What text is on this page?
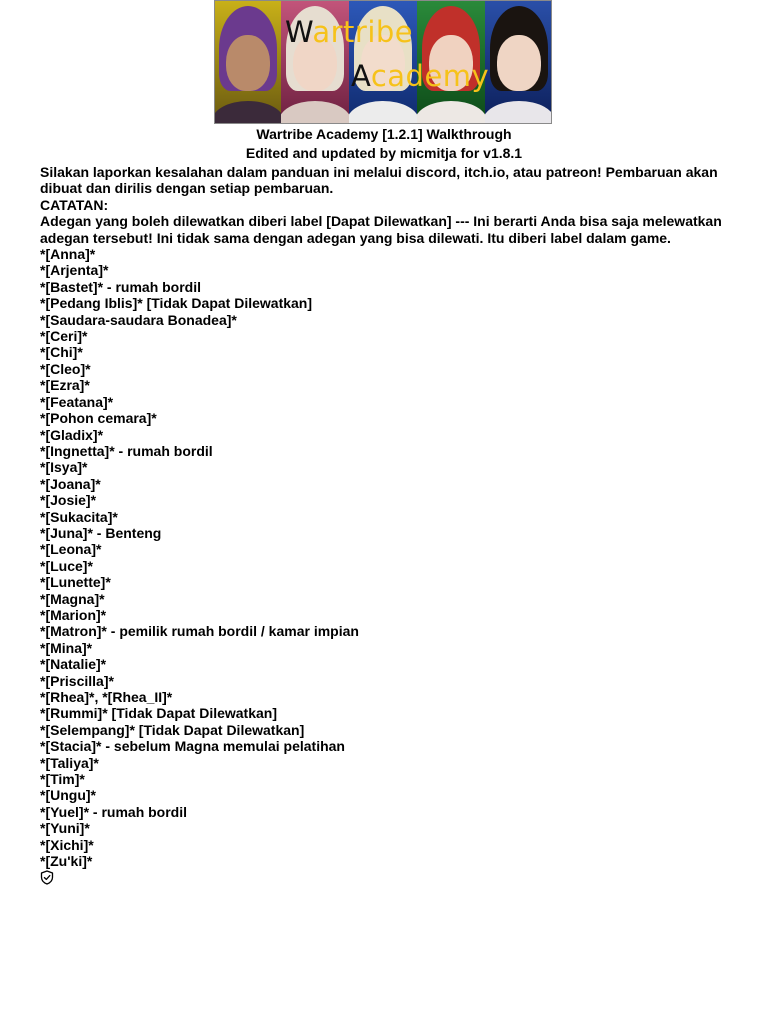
Wartribe
Academy
Wartribe Academy [1.2.1] Walkthrough
Edited and updated by micmitja for v1.8.1

Silakan laporkan kesalahan dalam panduan ini melalui discord, itch.io, atau patreon! Pembaruan akan dibuat dan dirilis dengan setiap pembaruan.

CATATAN:

Adegan yang boleh dilewatkan diberi label [Dapat Dilewatkan] --- Ini berarti Anda bisa saja melewatkan adegan tersebut! Ini tidak sama dengan adegan yang bisa dilewati. Itu diberi label dalam game.

*[Anna]*
*[Arjenta]*
*[Bastet]* - rumah bordil
*[Pedang Iblis]* [Tidak Dapat Dilewatkan]
*[Saudara-saudara Bonadea]*
*[Ceri]*
*[Chi]*
*[Cleo]*
*[Ezra]*
*[Featana]*
*[Pohon cemara]*
*[Gladix]*
*[Ingnetta]* - rumah bordil
*[Isya]*
*[Joana]*
*[Josie]*
*[Sukacita]*
*[Juna]* - Benteng
*[Leona]*
*[Luce]*
*[Lunette]*
*[Magna]*
*[Marion]*
*[Matron]* - pemilik rumah bordil / kamar impian
*[Mina]*
*[Natalie]*
*[Priscilla]*
*[Rhea]*, *[Rhea_II]*
*[Rummi]* [Tidak Dapat Dilewatkan]
*[Selempang]* [Tidak Dapat Dilewatkan]
*[Stacia]* - sebelum Magna memulai pelatihan
*[Taliya]*
*[Tim]*
*[Ungu]*
*[Yuel]* - rumah bordil
*[Yuni]*
*[Xichi]*
*[Zu'ki]*
